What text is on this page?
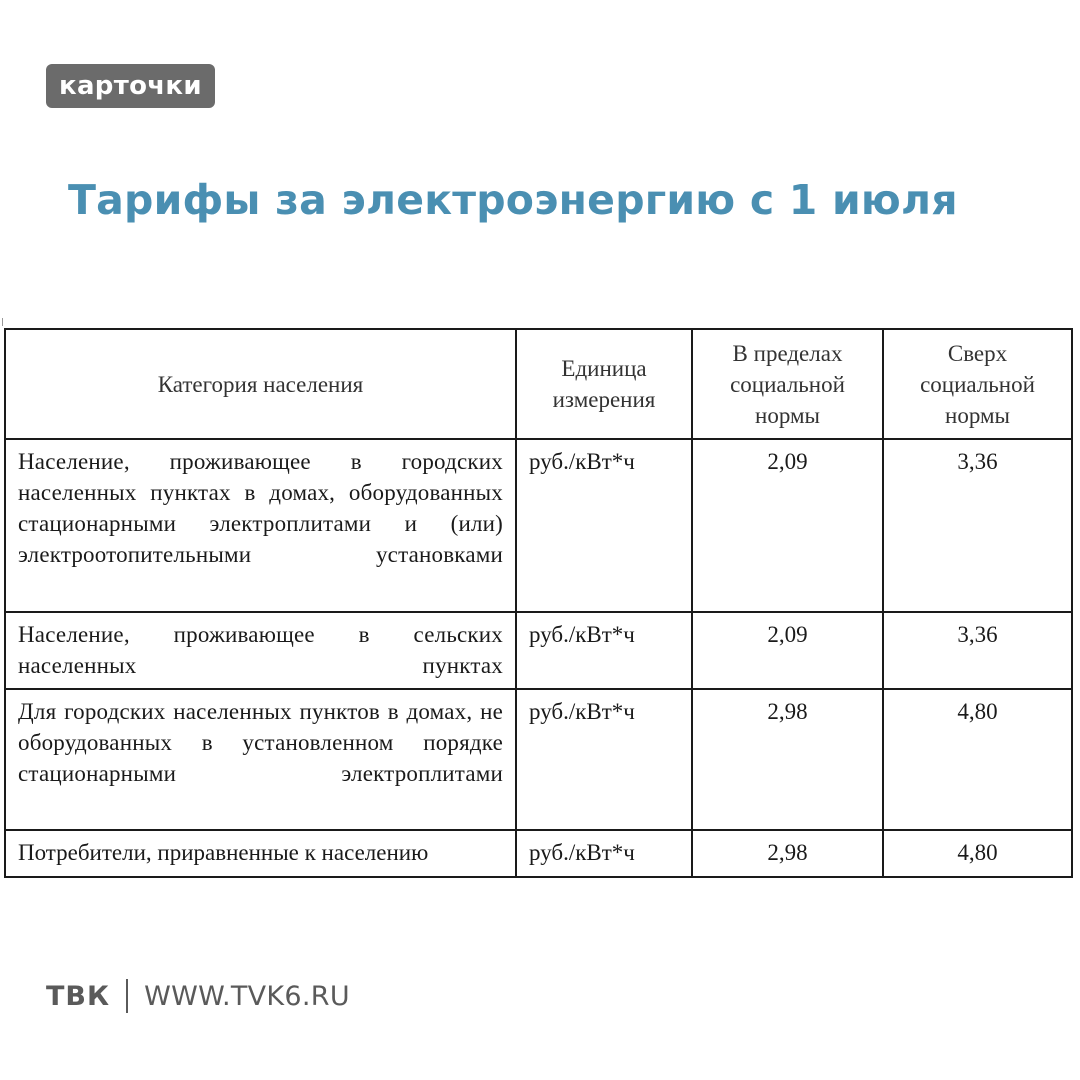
карточки
Тарифы за электроэнергию с 1 июля
Категория населения	Единица измерения	В пределах социальной нормы	Сверх социальной нормы
Население, проживающее в городских населенных пунктах в домах, оборудованных стационарными электроплитами и (или) электроотопительными установками	руб./кВт*ч	2,09	3,36
Население, проживающее в сельских населенных пунктах	руб./кВт*ч	2,09	3,36
Для городских населенных пунктов в домах, не оборудованных в установленном порядке стационарными электроплитами	руб./кВт*ч	2,98	4,80
Потребители, приравненные к населению	руб./кВт*ч	2,98	4,80
ТВК WWW.TVK6.RU
